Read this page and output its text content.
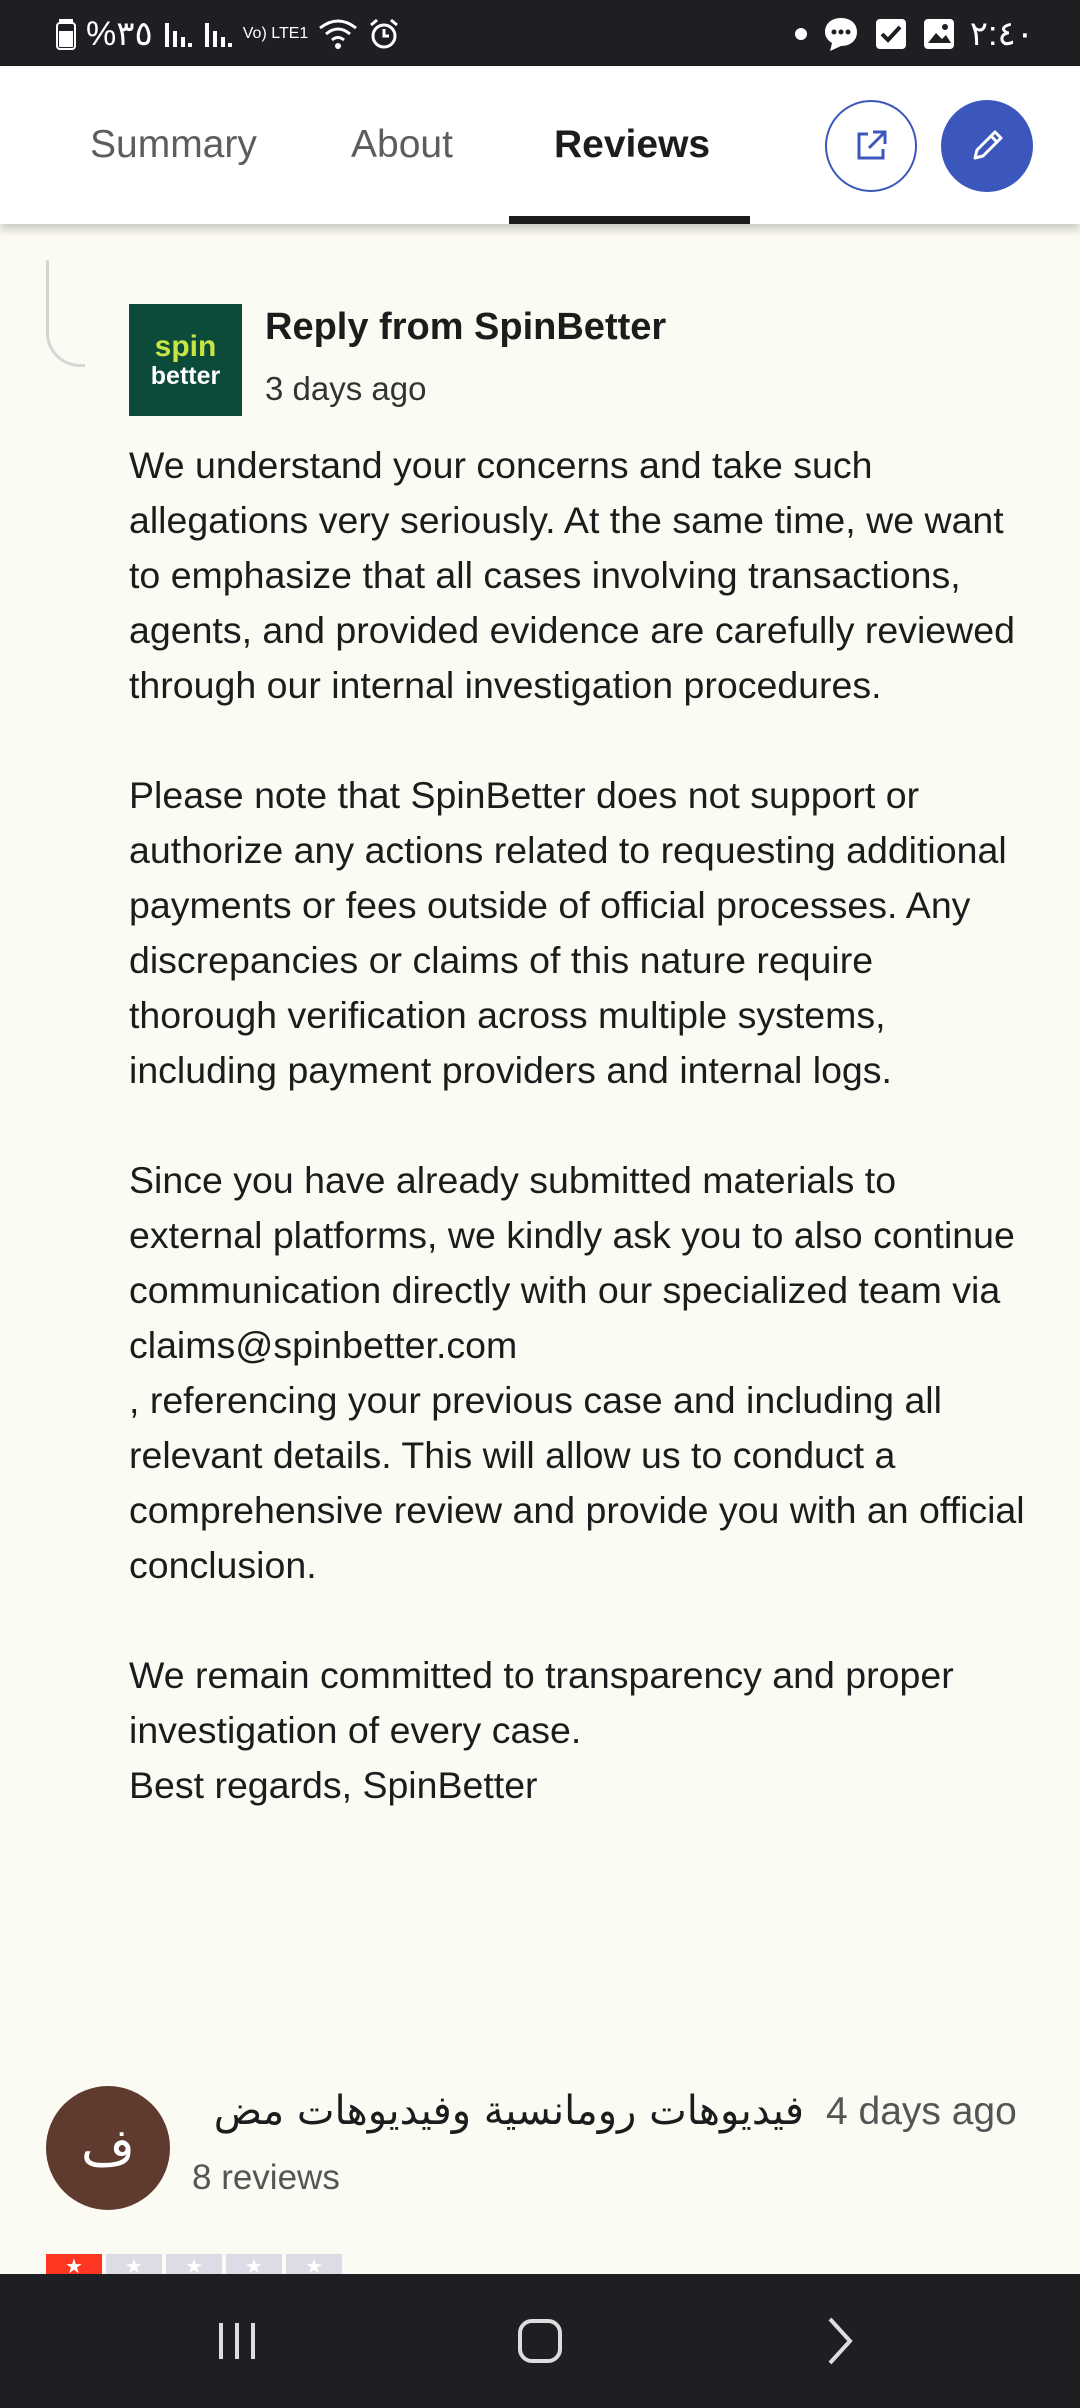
%٣٥	Vo) LTE1	٢:٤٠
Summary About	Reviews
spin
better
Reply from SpinBetter
3 days ago

We understand your concerns and take such allegations very seriously. At the same time, we want to emphasize that all cases involving transactions, agents, and provided evidence are carefully reviewed through our internal investigation procedures.

Please note that SpinBetter does not support or authorize any actions related to requesting additional payments or fees outside of official processes. Any discrepancies or claims of this nature require thorough verification across multiple systems, including payment providers and internal logs.

Since you have already submitted materials to external platforms, we kindly ask you to also continue communication directly with our specialized team via claims@spinbetter.com
, referencing your previous case and including all relevant details. This will allow us to conduct a comprehensive review and provide you with an official conclusion.

We remain committed to transparency and proper investigation of every case.
Best regards, SpinBetter

ف
فيديوهات رومانسية وفيديوهات مض 4 days ago
8 reviews
★	★	★	★	★
